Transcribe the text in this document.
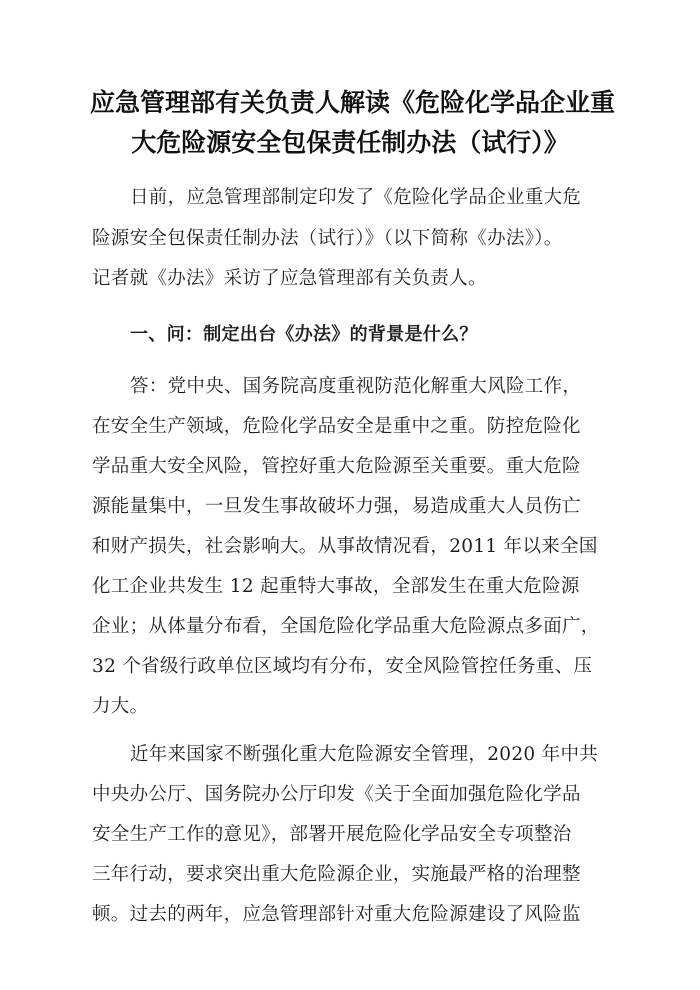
应急管理部有关负责人解读《危险化学品企业重
大危险源安全包保责任制办法（试行）》
日前，应急管理部制定印发了《危险化学品企业重大危
险源安全包保责任制办法（试行）》（以下简称《办法》）。
记者就《办法》采访了应急管理部有关负责人。
一、问：制定出台《办法》的背景是什么？
答：党中央、国务院高度重视防范化解重大风险工作，
在安全生产领域，危险化学品安全是重中之重。防控危险化
学品重大安全风险，管控好重大危险源至关重要。重大危险
源能量集中，一旦发生事故破坏力强，易造成重大人员伤亡
和财产损失，社会影响大。从事故情况看，2011 年以来全国
化工企业共发生 12 起重特大事故，全部发生在重大危险源
企业；从体量分布看，全国危险化学品重大危险源点多面广，
32 个省级行政单位区域均有分布，安全风险管控任务重、压
力大。
近年来国家不断强化重大危险源安全管理，2020 年中共
中央办公厅、国务院办公厅印发《关于全面加强危险化学品
安全生产工作的意见》，部署开展危险化学品安全专项整治
三年行动，要求突出重大危险源企业，实施最严格的治理整
顿。过去的两年，应急管理部针对重大危险源建设了风险监
